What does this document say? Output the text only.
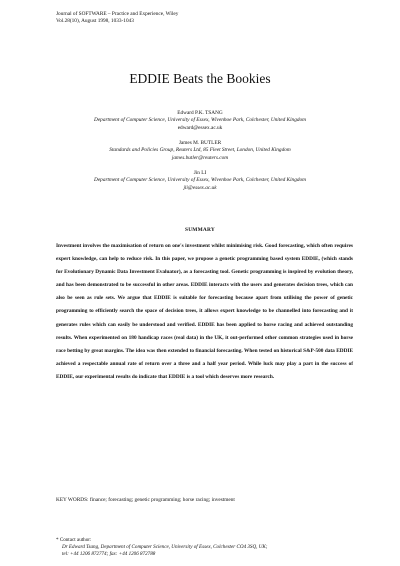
Journal of SOFTWARE – Practice and Experience, Wiley
Vol.28(10), August 1998, 1033-1043
EDDIE Beats the Bookies
Edward P.K. TSANG
Department of Computer Science, University of Essex, Wivenhoe Park, Colchester, United Kingdom
edward@essex.ac.uk
James M. BUTLER
Standards and Policies Group, Reuters Ltd, 85 Fleet Street, London, United Kingdom
james.butler@reuters.com
Jin LI
Department of Computer Science, University of Essex, Wivenhoe Park, Colchester, United Kingdom
jli@essex.ac.uk
SUMMARY

Investment involves the maximisation of return on one's investment whilst minimising risk. Good forecasting, which often requires expert knowledge, can help to reduce risk. In this paper, we propose a genetic programming based system EDDIE, (which stands for Evolutionary Dynamic Data Investment Evaluator), as a forecasting tool. Genetic programming is inspired by evolution theory, and has been demonstrated to be successful in other areas. EDDIE interacts with the users and generates decision trees, which can also be seen as rule sets. We argue that EDDIE is suitable for forecasting because apart from utilising the power of genetic programming to efficiently search the space of decision trees, it allows expert knowledge to be channelled into forecasting and it generates rules which can easily be understood and verified. EDDIE has been applied to horse racing and achieved outstanding results. When experimented on 180 handicap races (real data) in the UK, it out-performed other common strategies used in horse race betting by great margins. The idea was then extended to financial forecasting. When tested on historical S&P-500 data EDDIE achieved a respectable annual rate of return over a three and a half year period. While luck may play a part in the success of EDDIE, our experimental results do indicate that EDDIE is a tool which deserves more research.

KEY WORDS: finance; forecasting; genetic programming; horse racing; investment
* Contact author:
Dr Edward Tsang, Department of Computer Science, University of Essex, Colchester CO4 3SQ, UK;
tel: +44 1206 872774; fax: +44 1206 872788
